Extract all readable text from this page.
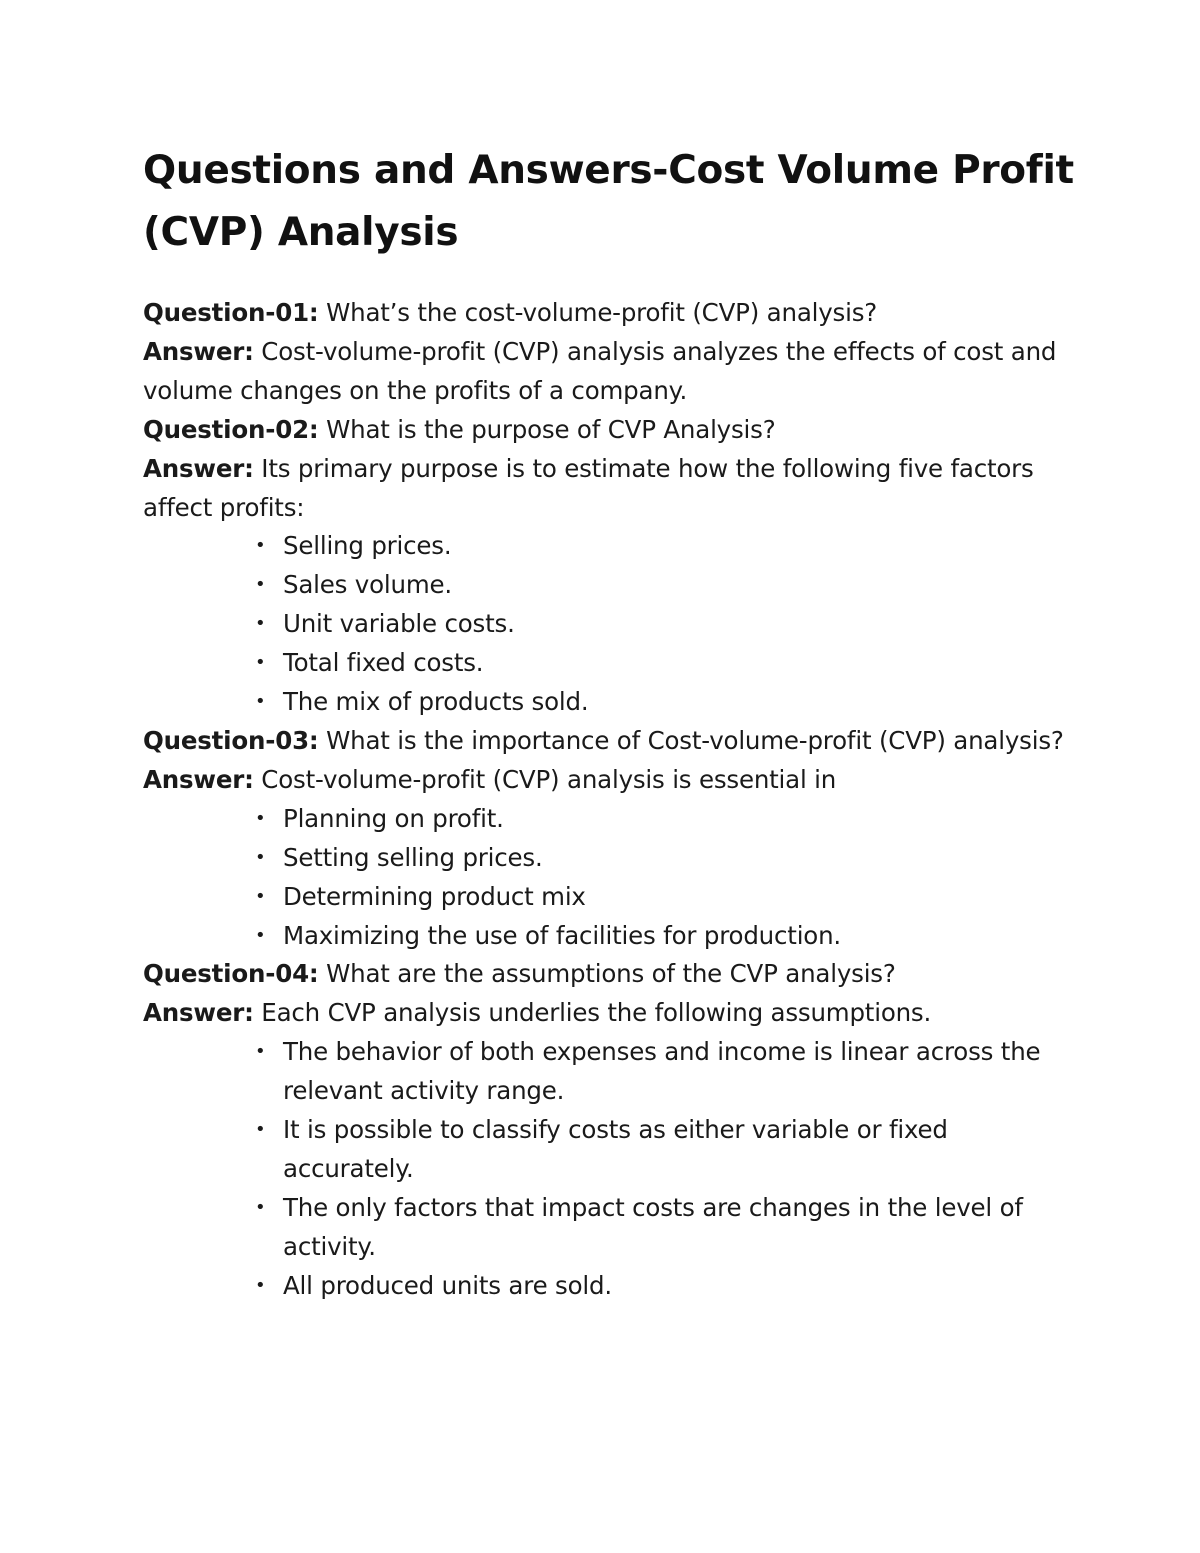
Questions and Answers-Cost Volume Profit (CVP) Analysis

Question-01: What’s the cost-volume-profit (CVP) analysis?

Answer: Cost-volume-profit (CVP) analysis analyzes the effects of cost and volume changes on the profits of a company.

Question-02: What is the purpose of CVP Analysis?

Answer: Its primary purpose is to estimate how the following five factors affect profits:

• Selling prices.
• Sales volume.
• Unit variable costs.
• Total fixed costs.
• The mix of products sold.

Question-03: What is the importance of Cost-volume-profit (CVP) analysis?

Answer: Cost-volume-profit (CVP) analysis is essential in

• Planning on profit.
• Setting selling prices.
• Determining product mix
• Maximizing the use of facilities for production.

Question-04: What are the assumptions of the CVP analysis?

Answer: Each CVP analysis underlies the following assumptions.

• The behavior of both expenses and income is linear across the relevant activity range.
• It is possible to classify costs as either variable or fixed accurately.
• The only factors that impact costs are changes in the level of activity.
• All produced units are sold.
